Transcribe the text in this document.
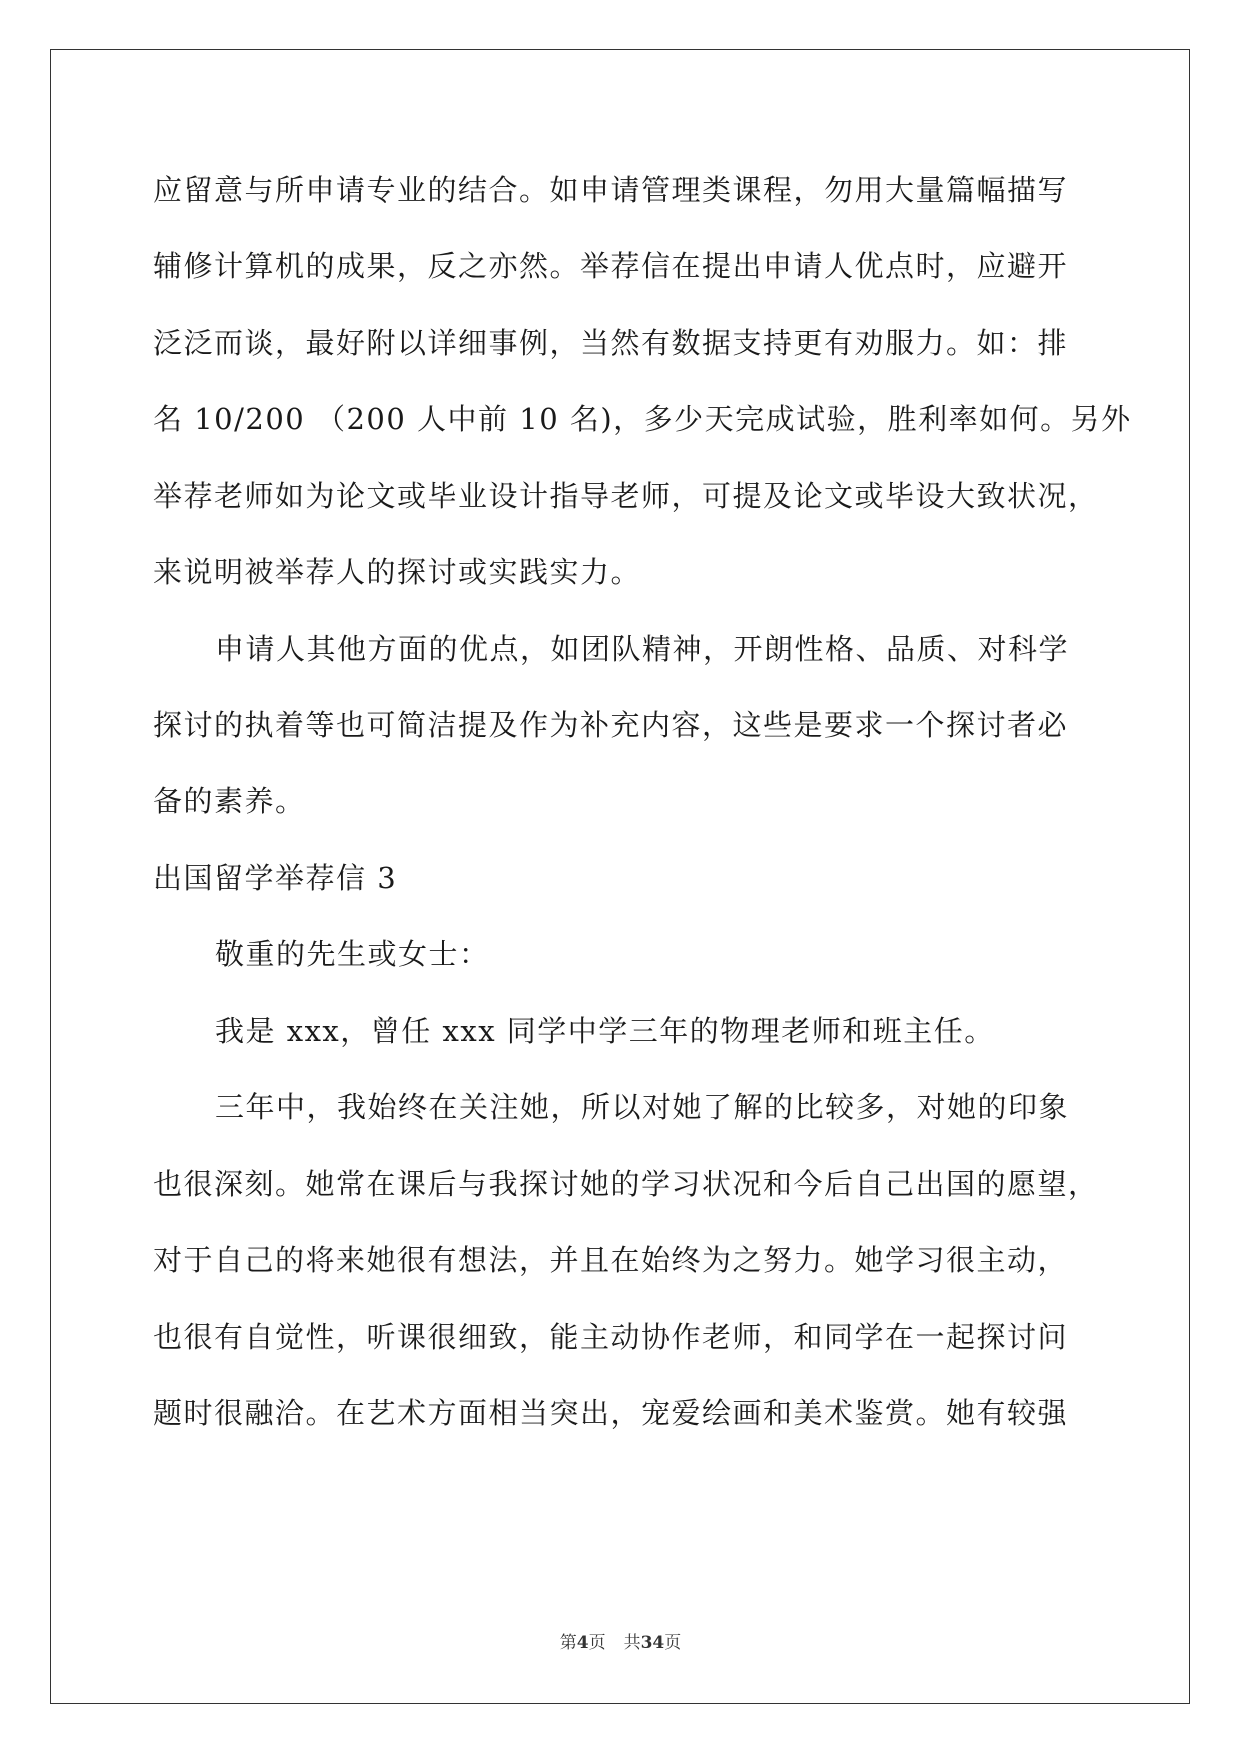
应留意与所申请专业的结合。如申请管理类课程，勿用大量篇幅描写
辅修计算机的成果，反之亦然。举荐信在提出申请人优点时，应避开
泛泛而谈，最好附以详细事例，当然有数据支持更有劝服力。如：排
名 10/200 （200 人中前 10 名)，多少天完成试验，胜利率如何。另外
举荐老师如为论文或毕业设计指导老师，可提及论文或毕设大致状况，
来说明被举荐人的探讨或实践实力。
申请人其他方面的优点，如团队精神，开朗性格、品质、对科学
探讨的执着等也可简洁提及作为补充内容，这些是要求一个探讨者必
备的素养。
出国留学举荐信 3
敬重的先生或女士：
我是 xxx，曾任 xxx 同学中学三年的物理老师和班主任。
三年中，我始终在关注她，所以对她了解的比较多，对她的印象
也很深刻。她常在课后与我探讨她的学习状况和今后自己出国的愿望，
对于自己的将来她很有想法，并且在始终为之努力。她学习很主动，
也很有自觉性，听课很细致，能主动协作老师，和同学在一起探讨问
题时很融洽。在艺术方面相当突出，宠爱绘画和美术鉴赏。她有较强
第4页 共34页
